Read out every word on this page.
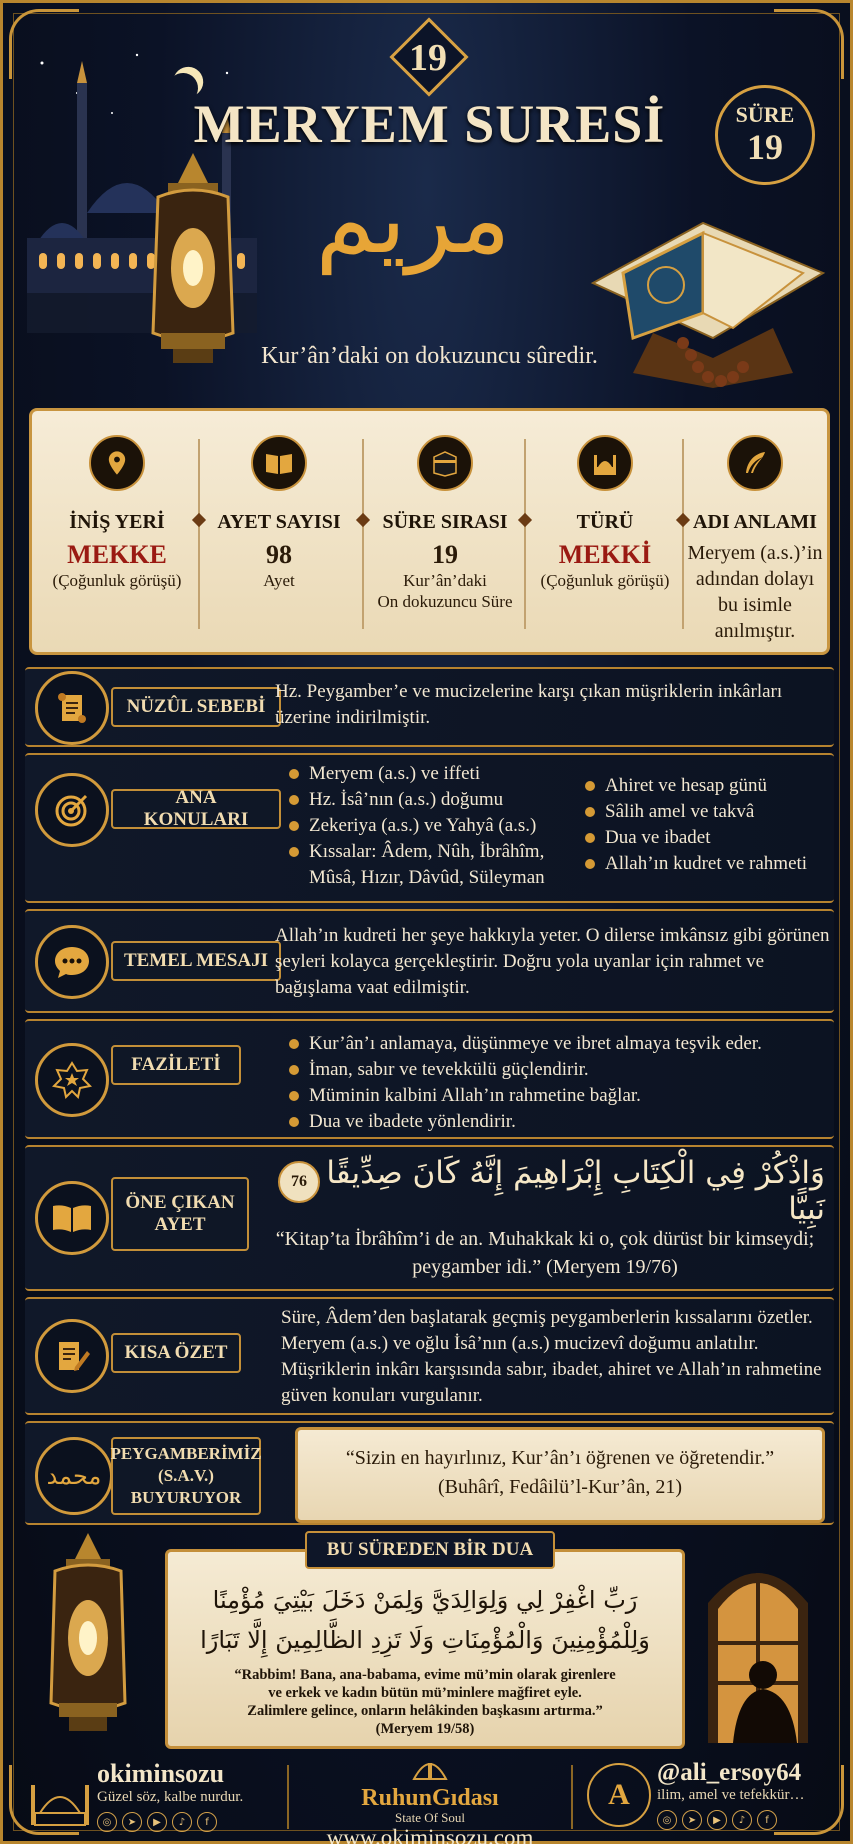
19
MERYEM SURESİ	SÜRE
19
مريم
Kur’ân’daki on dokuzuncu sûredir.
İNİŞ YERİ
MEKKE
(Çoğunluk görüşü)
AYET SAYISI
98
Ayet
SÜRE SIRASI
19
Kur’ân’daki
On dokuzuncu Süre
TÜRÜ
MEKKİ
(Çoğunluk görüşü)
ADI ANLAMI
Meryem (a.s.)’in
adından dolayı
bu isimle
anılmıştır.
NÜZÛL SEBEBİ
Hz. Peygamber’e ve mucizelerine karşı çıkan müşriklerin inkârları üzerine indirilmiştir.
ANA KONULARI
Meryem (a.s.) ve iffeti
Hz. İsâ’nın (a.s.) doğumu
Zekeriya (a.s.) ve Yahyâ (a.s.)
Kıssalar: Âdem, Nûh, İbrâhîm,
Mûsâ, Hızır, Dâvûd, Süleyman
Ahiret ve hesap günü
Sâlih amel ve takvâ
Dua ve ibadet
Allah’ın kudret ve rahmeti
TEMEL MESAJI
Allah’ın kudreti her şeye hakkıyla yeter. O dilerse imkânsız gibi görünen şeyleri kolayca gerçekleştirir. Doğru yola uyanlar için rahmet ve bağışlama vaat edilmiştir.
FAZİLETİ
Kur’ân’ı anlamaya, düşünmeye ve ibret almaya teşvik eder.
İman, sabır ve tevekkülü güçlendirir.
Müminin kalbini Allah’ın rahmetine bağlar.
Dua ve ibadete yönlendirir.
ÖNE ÇIKAN
AYET
76 وَاذْكُرْ فِي الْكِتَابِ إِبْرَاهِيمَ إِنَّهُ كَانَ صِدِّيقًا نَبِيًّا
“Kitap’ta İbrâhîm’i de an. Muhakkak ki o, çok dürüst bir kimseydi; peygamber idi.” (Meryem 19/76)
KISA ÖZET
Süre, Âdem’den başlatarak geçmiş peygamberlerin kıssalarını özetler. Meryem (a.s.) ve oğlu İsâ’nın (a.s.) mucizevî doğumu anlatılır. Müşriklerin inkârı karşısında sabır, ibadet, ahiret ve Allah’ın rahmetine güven konuları vurgulanır.
محمد
PEYGAMBERİMİZ
(S.A.V.)
BUYURUYOR
“Sizin en hayırlınız, Kur’ân’ı öğrenen ve öğretendir.”
(Buhârî, Fedâilü’l-Kur’ân, 21)
رَبِّ اغْفِرْ لِي وَلِوَالِدَيَّ وَلِمَنْ دَخَلَ بَيْتِيَ مُؤْمِنًا
وَلِلْمُؤْمِنِينَ وَالْمُؤْمِنَاتِ وَلَا تَزِدِ الظَّالِمِينَ إِلَّا تَبَارًا
“Rabbim! Bana, ana-babama, evime mü’min olarak girenlere
ve erkek ve kadın bütün mü’minlere mağfiret eyle.
Zalimlere gelince, onların helâkinden başkasını artırma.”
(Meryem 19/58)
BU SÜREDEN BİR DUA
okiminsozu
Güzel söz, kalbe nurdur.
◎	➤	▶	♪	f
RuhunGıdası
State Of Soul
www.okiminsozu.com
A
@ali_ersoy64
ilim, amel ve tefekkür…
◎	➤	▶	♪	f
